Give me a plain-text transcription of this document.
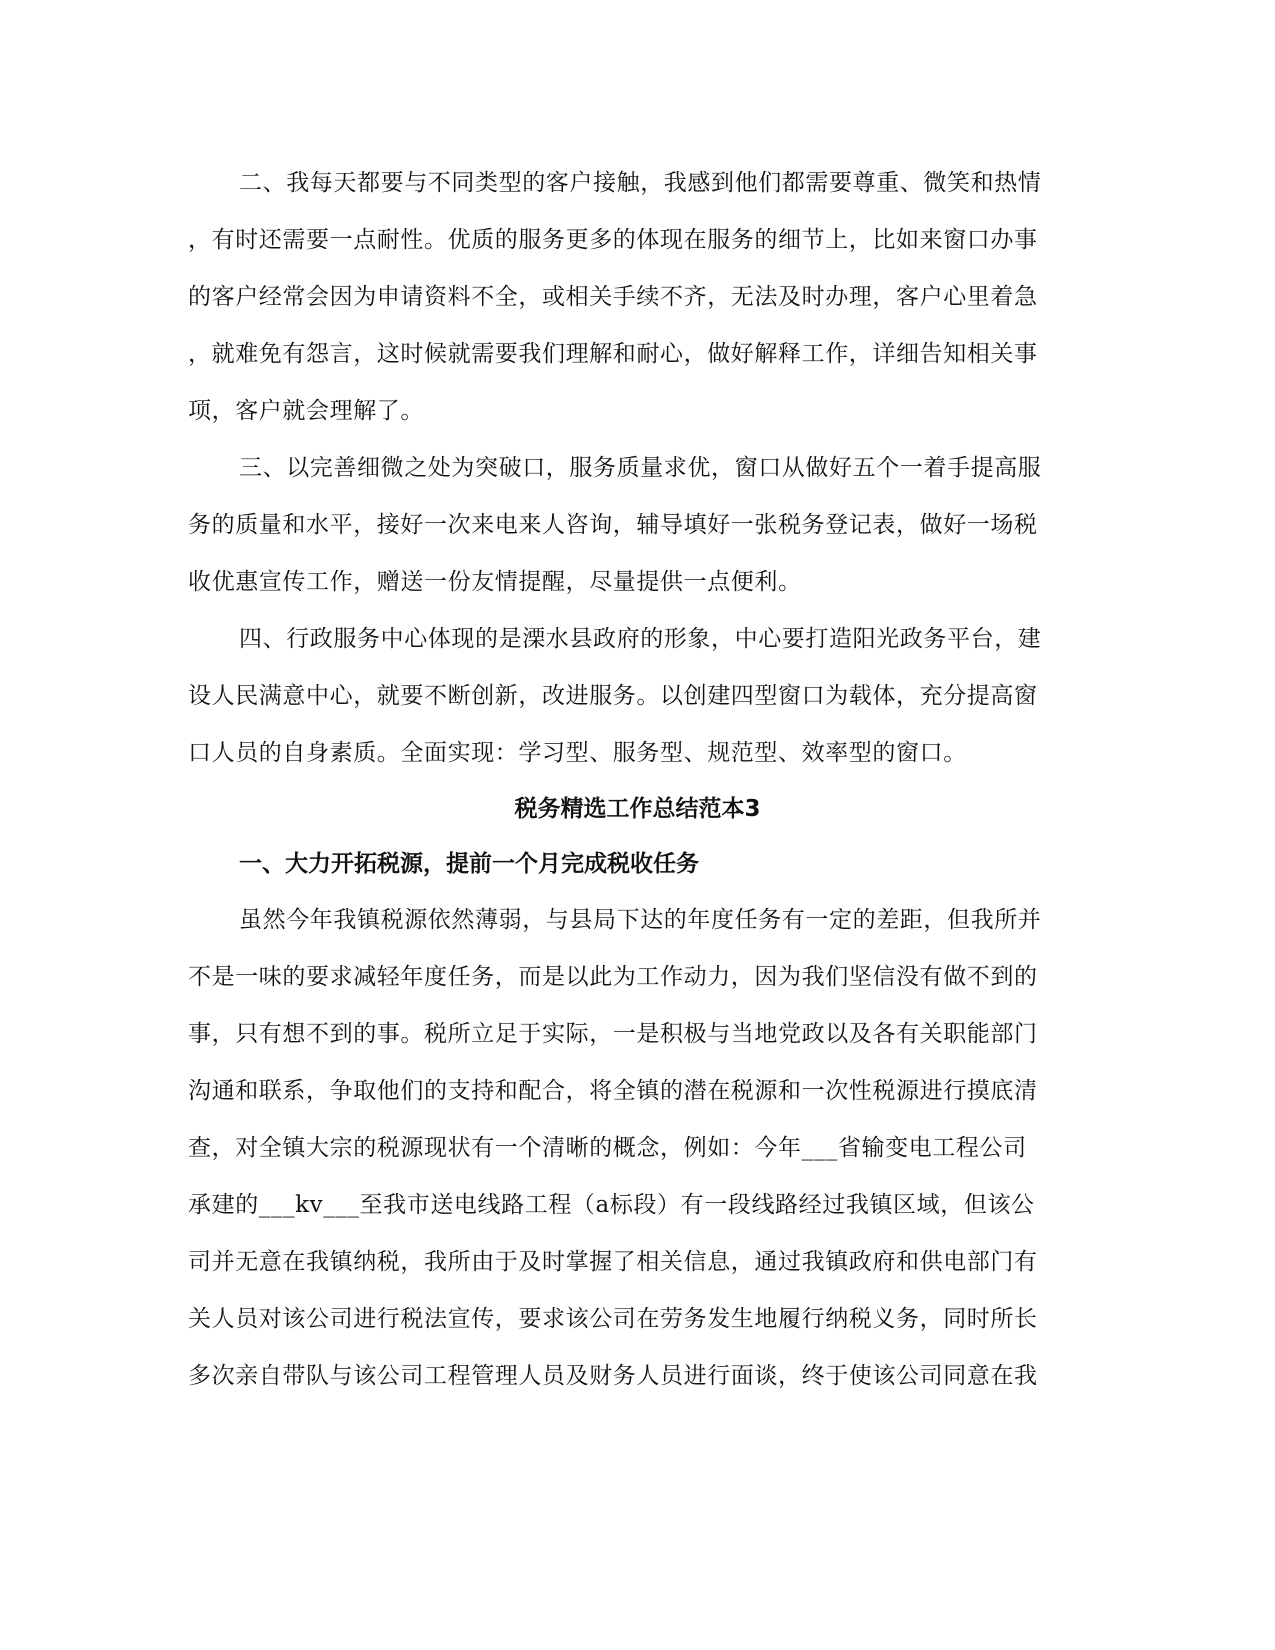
二、我每天都要与不同类型的客户接触，我感到他们都需要尊重、微笑和热情
，有时还需要一点耐性。优质的服务更多的体现在服务的细节上，比如来窗口办事
的客户经常会因为申请资料不全，或相关手续不齐，无法及时办理，客户心里着急
，就难免有怨言，这时候就需要我们理解和耐心，做好解释工作，详细告知相关事
项，客户就会理解了。
三、以完善细微之处为突破口，服务质量求优，窗口从做好五个一着手提高服
务的质量和水平，接好一次来电来人咨询，辅导填好一张税务登记表，做好一场税
收优惠宣传工作，赠送一份友情提醒，尽量提供一点便利。
四、行政服务中心体现的是溧水县政府的形象，中心要打造阳光政务平台，建
设人民满意中心，就要不断创新，改进服务。以创建四型窗口为载体，充分提高窗
口人员的自身素质。全面实现：学习型、服务型、规范型、效率型的窗口。
税务精选工作总结范本3
一、大力开拓税源，提前一个月完成税收任务
虽然今年我镇税源依然薄弱，与县局下达的年度任务有一定的差距，但我所并
不是一味的要求减轻年度任务，而是以此为工作动力，因为我们坚信没有做不到的
事，只有想不到的事。税所立足于实际，一是积极与当地党政以及各有关职能部门
沟通和联系，争取他们的支持和配合，将全镇的潜在税源和一次性税源进行摸底清
查，对全镇大宗的税源现状有一个清晰的概念，例如：今年___省输变电工程公司
承建的___kv___至我市送电线路工程（a标段）有一段线路经过我镇区域，但该公
司并无意在我镇纳税，我所由于及时掌握了相关信息，通过我镇政府和供电部门有
关人员对该公司进行税法宣传，要求该公司在劳务发生地履行纳税义务，同时所长
多次亲自带队与该公司工程管理人员及财务人员进行面谈，终于使该公司同意在我
